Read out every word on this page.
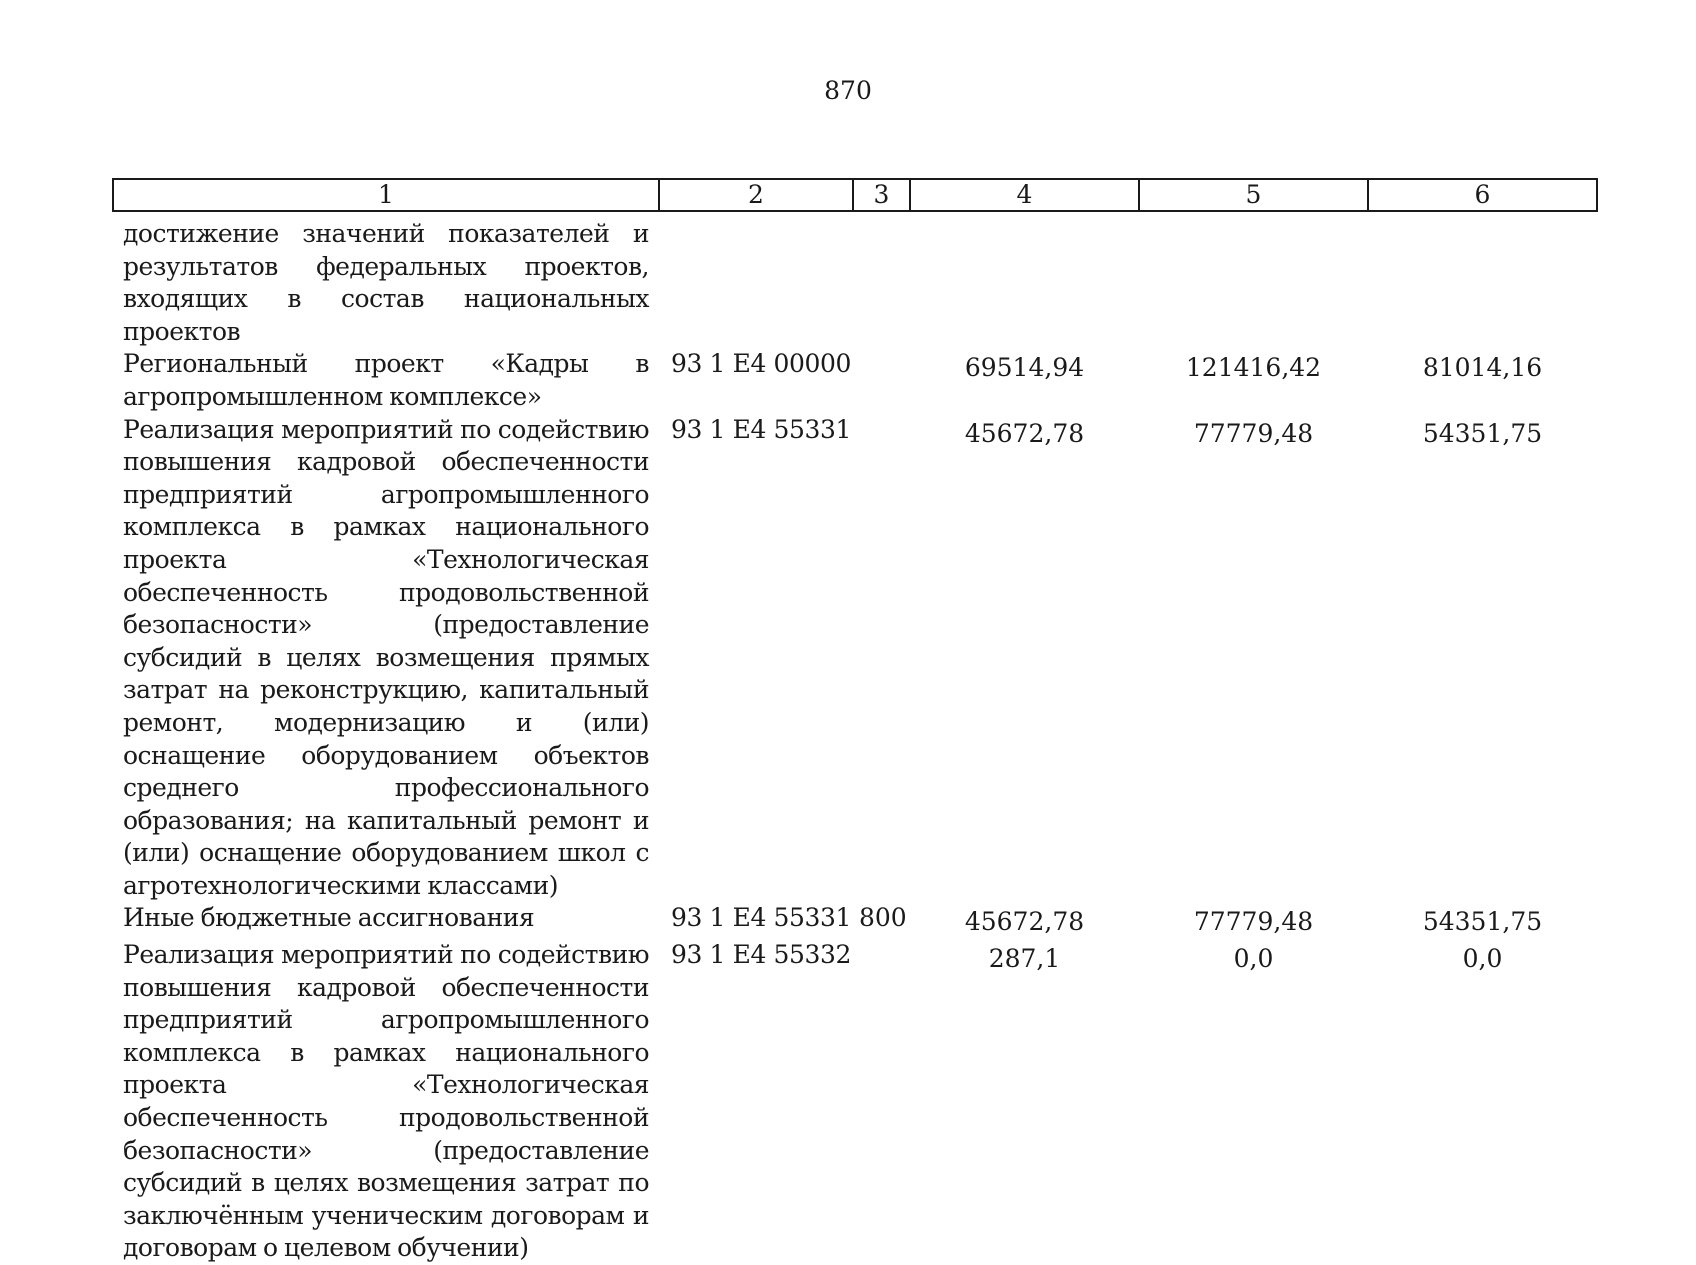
870
1	2	3	4	5	6
достижение значений показателей и результатов федеральных проектов, входящих в состав национальных проектов					
Региональный проект «Кадры в агропромышленном комплексе»	93 1 Е4 00000		69514,94	121416,42	81014,16
Реализация мероприятий по содействию повышения кадровой обеспеченности предприятий агропромышленного комплекса в рамках национального проекта «Технологическая обеспеченность продовольственной безопасности» (предоставление субсидий в целях возмещения прямых затрат на реконструкцию, капитальный ремонт, модернизацию и (или) оснащение оборудованием объектов среднего профессионального образования; на капитальный ремонт и (или) оснащение оборудованием школ с агротехнологическими классами)	93 1 Е4 55331		45672,78	77779,48	54351,75
Иные бюджетные ассигнования	93 1 Е4 55331	800	45672,78	77779,48	54351,75
Реализация мероприятий по содействию повышения кадровой обеспеченности предприятий агропромышленного комплекса в рамках национального проекта «Технологическая обеспеченность продовольственной безопасности» (предоставление субсидий в целях возмещения затрат по заключённым ученическим договорам и договорам о целевом обучении)	93 1 Е4 55332		287,1	0,0	0,0
